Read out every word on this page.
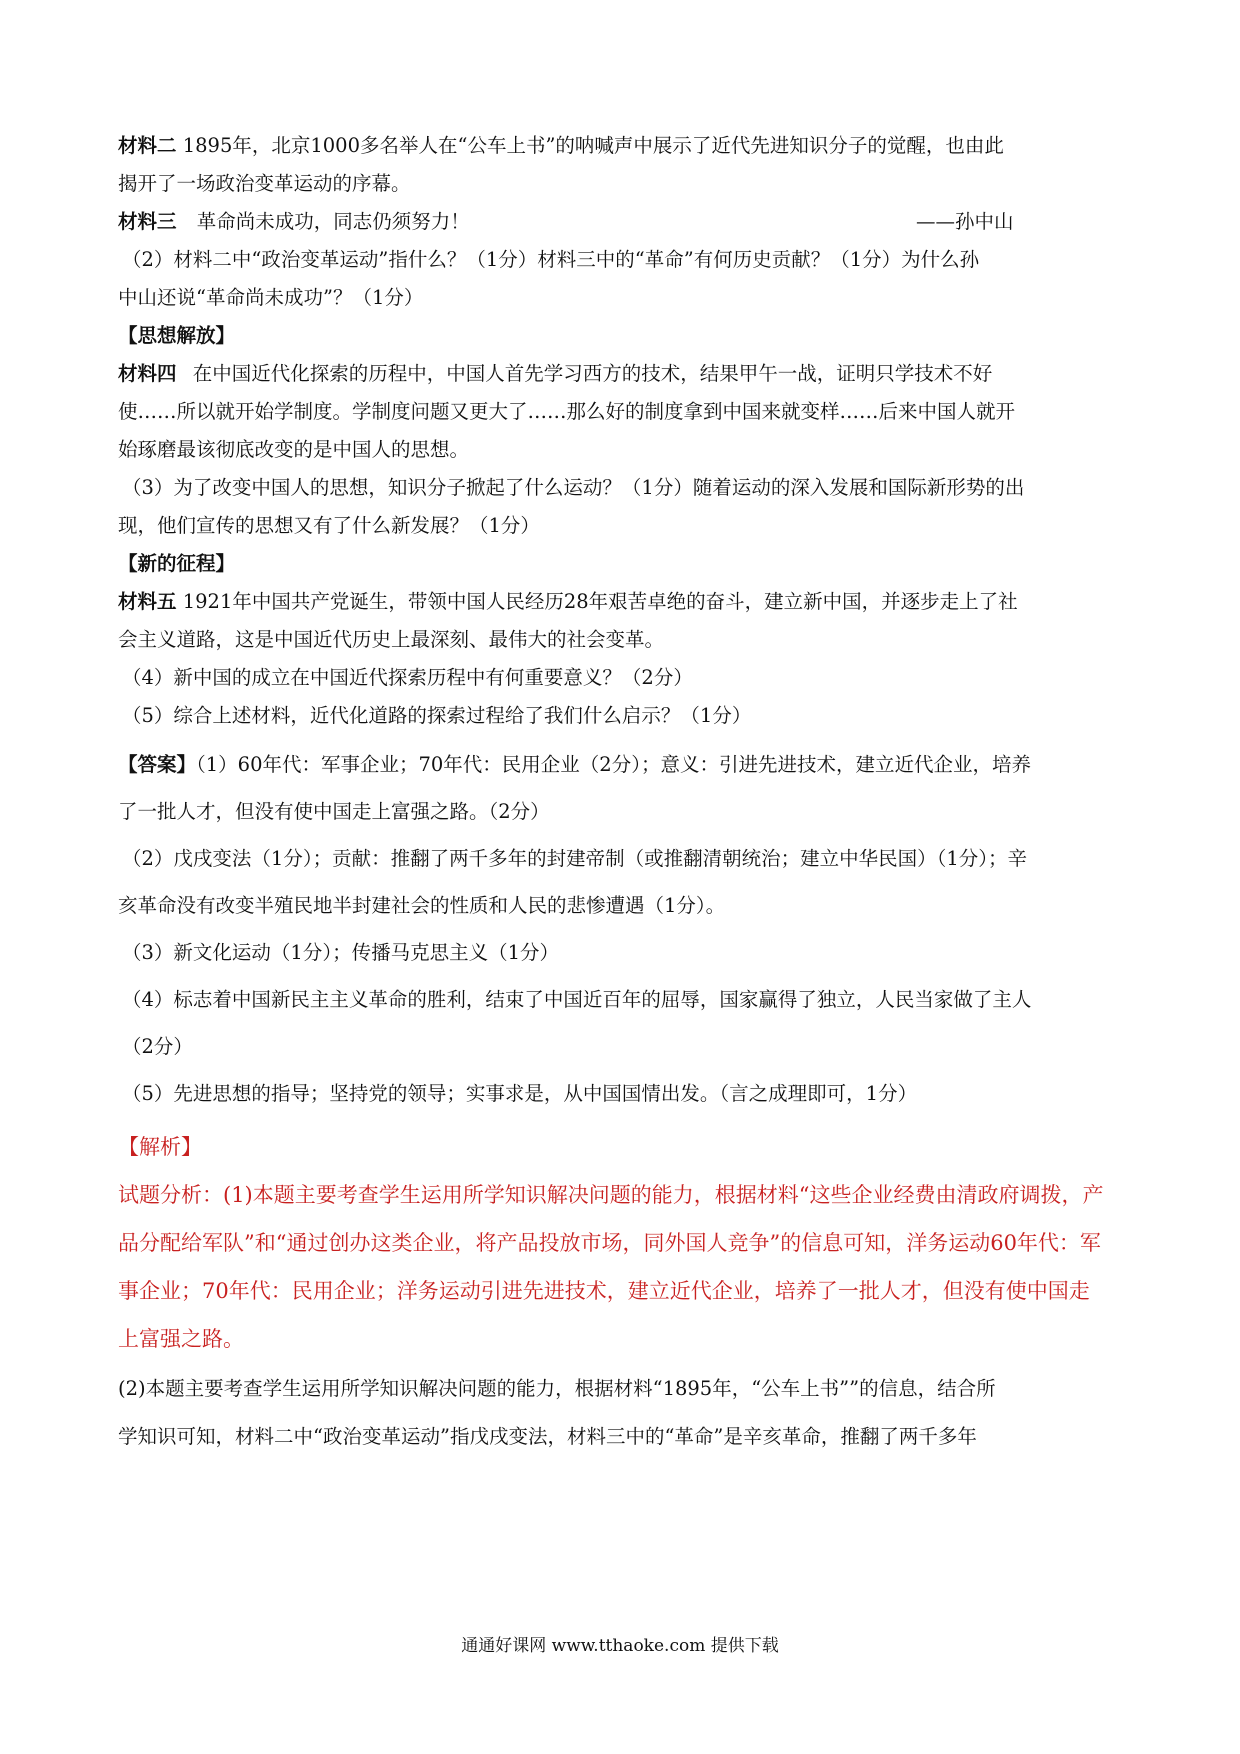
材料二 1895年，北京1000多名举人在“公车上书”的呐喊声中展示了近代先进知识分子的觉醒，也由此
揭开了一场政治变革运动的序幕。
材料三 革命尚未成功，同志仍须努力！	——孙中山
（2）材料二中“政治变革运动”指什么？（1分）材料三中的“革命”有何历史贡献？（1分）为什么孙
中山还说“革命尚未成功”？（1分）
【思想解放】
材料四 在中国近代化探索的历程中，中国人首先学习西方的技术，结果甲午一战，证明只学技术不好
使……所以就开始学制度。学制度问题又更大了……那么好的制度拿到中国来就变样……后来中国人就开
始琢磨最该彻底改变的是中国人的思想。
（3）为了改变中国人的思想，知识分子掀起了什么运动？（1分）随着运动的深入发展和国际新形势的出
现，他们宣传的思想又有了什么新发展？（1分）
【新的征程】
材料五 1921年中国共产党诞生，带领中国人民经历28年艰苦卓绝的奋斗，建立新中国，并逐步走上了社
会主义道路，这是中国近代历史上最深刻、最伟大的社会变革。
（4）新中国的成立在中国近代探索历程中有何重要意义？（2分）
（5）综合上述材料，近代化道路的探索过程给了我们什么启示？（1分）
【答案】（1）60年代：军事企业；70年代：民用企业（2分）；意义：引进先进技术，建立近代企业，培养
了一批人才，但没有使中国走上富强之路。（2分）
（2）戊戌变法（1分）；贡献：推翻了两千多年的封建帝制（或推翻清朝统治；建立中华民国）（1分）；辛
亥革命没有改变半殖民地半封建社会的性质和人民的悲惨遭遇（1分）。
（3）新文化运动（1分）；传播马克思主义（1分）
（4）标志着中国新民主主义革命的胜利，结束了中国近百年的屈辱，国家赢得了独立，人民当家做了主人
（2分）
（5）先进思想的指导；坚持党的领导；实事求是，从中国国情出发。（言之成理即可，1分）
【解析】
试题分析：(1)本题主要考查学生运用所学知识解决问题的能力，根据材料“这些企业经费由清政府调拨，产
品分配给军队”和“通过创办这类企业，将产品投放市场，同外国人竞争”的信息可知，洋务运动60年代：军
事企业；70年代：民用企业；洋务运动引进先进技术，建立近代企业，培养了一批人才，但没有使中国走
上富强之路。
(2)本题主要考查学生运用所学知识解决问题的能力，根据材料“1895年，“公车上书””的信息，结合所
学知识可知，材料二中“政治变革运动”指戊戌变法，材料三中的“革命”是辛亥革命，推翻了两千多年
通通好课网 www.tthaoke.com 提供下载
